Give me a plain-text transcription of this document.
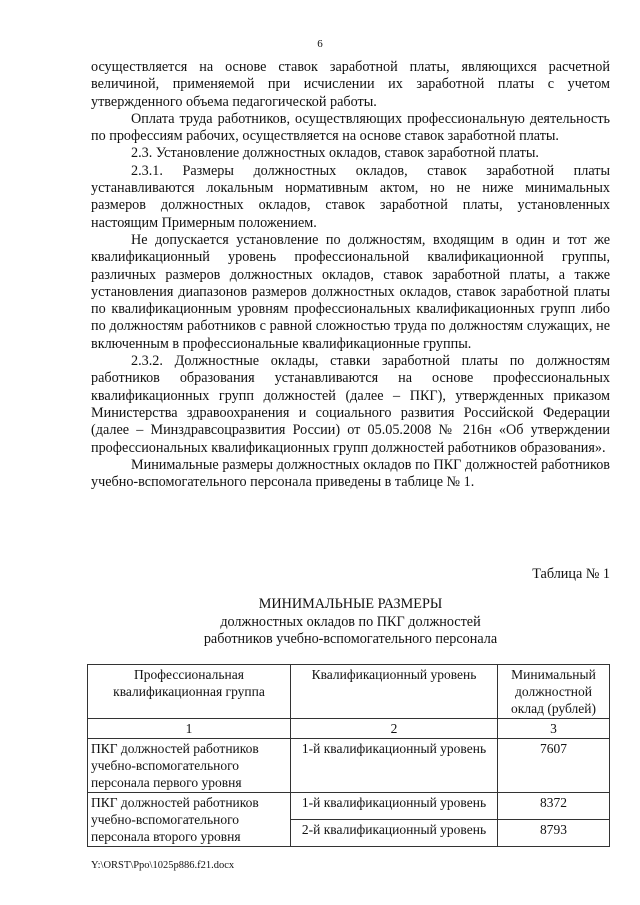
6

осуществляется на основе ставок заработной платы, являющихся расчетной величиной, применяемой при исчислении их заработной платы с учетом утвержденного объема педагогической работы.

Оплата труда работников, осуществляющих профессиональную деятельность по профессиям рабочих, осуществляется на основе ставок заработной платы.

2.3. Установление должностных окладов, ставок заработной платы.

2.3.1. Размеры должностных окладов, ставок заработной платы устанавливаются локальным нормативным актом, но не ниже минимальных размеров должностных окладов, ставок заработной платы, установленных настоящим Примерным положением.

Не допускается установление по должностям, входящим в один и тот же квалификационный уровень профессиональной квалификационной группы, различных размеров должностных окладов, ставок заработной платы, а также установления диапазонов размеров должностных окладов, ставок заработной платы по квалификационным уровням профессиональных квалификационных групп либо по должностям работников с равной сложностью труда по должностям служащих, не включенным в профессиональные квалификационные группы.

2.3.2. Должностные оклады, ставки заработной платы по должностям работников образования устанавливаются на основе профессиональных квалификационных групп должностей (далее – ПКГ), утвержденных приказом Министерства здравоохранения и социального развития Российской Федерации (далее – Минздравсоцразвития России) от 05.05.2008 № 216н «Об утверждении профессиональных квалификационных групп должностей работников образования».

Минимальные размеры должностных окладов по ПКГ должностей работников учебно-вспомогательного персонала приведены в таблице № 1.

Таблица № 1
МИНИМАЛЬНЫЕ РАЗМЕРЫ
должностных окладов по ПКГ должностей
работников учебно-вспомогательного персонала
Профессиональная квалификационная группа	Квалификационный уровень	Минимальный должностной оклад (рублей)
1	2	3
ПКГ должностей работников учебно-вспомогательного персонала первого уровня	1-й квалификационный уровень	7607
ПКГ должностей работников учебно-вспомогательного персонала второго уровня	1-й квалификационный уровень	8372
	2-й квалификационный уровень	8793
Y:\ORST\Ppo\1025p886.f21.docx
